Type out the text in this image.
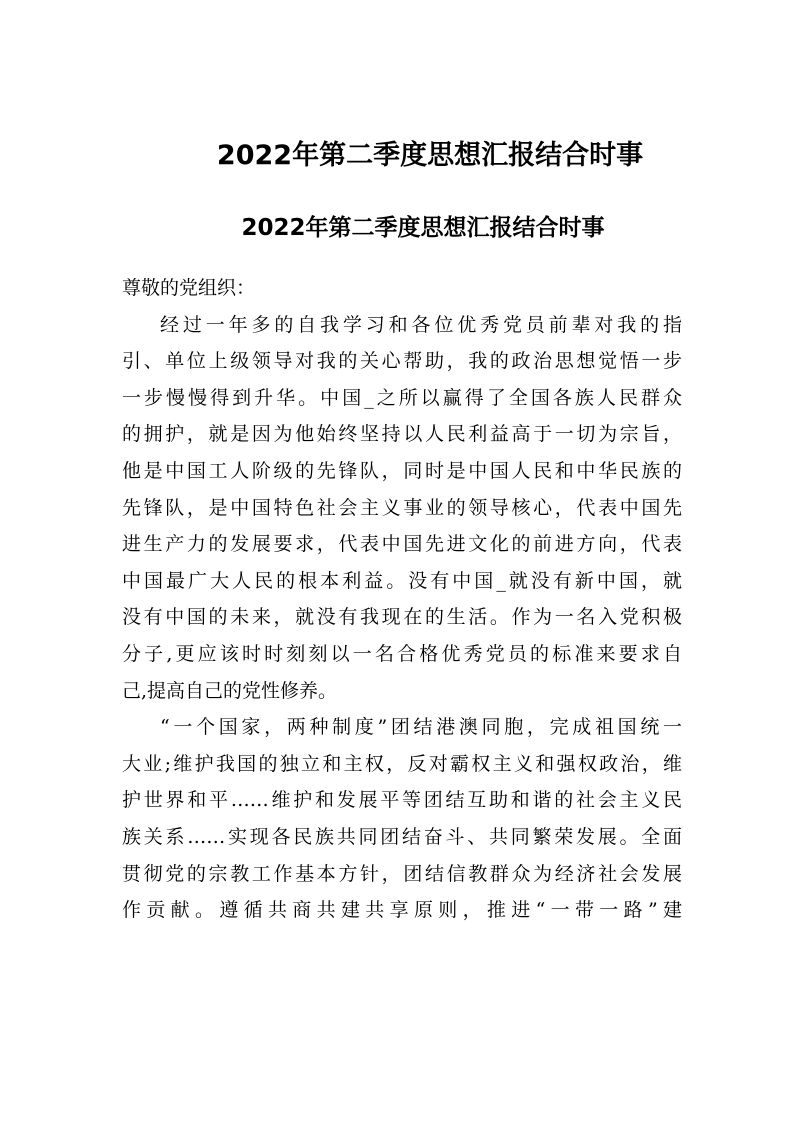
2022年第二季度思想汇报结合时事
2022年第二季度思想汇报结合时事
尊敬的党组织：
经过一年多的自我学习和各位优秀党员前辈对我的指
引、单位上级领导对我的关心帮助，我的政治思想觉悟一步
一步慢慢得到升华。中国_之所以赢得了全国各族人民群众
的拥护，就是因为他始终坚持以人民利益高于一切为宗旨，
他是中国工人阶级的先锋队，同时是中国人民和中华民族的
先锋队，是中国特色社会主义事业的领导核心，代表中国先
进生产力的发展要求，代表中国先进文化的前进方向，代表
中国最广大人民的根本利益。没有中国_就没有新中国，就
没有中国的未来，就没有我现在的生活。作为一名入党积极
分子,更应该时时刻刻以一名合格优秀党员的标准来要求自
己,提高自己的党性修养。
“一个国家，两种制度”团结港澳同胞，完成祖国统一
大业;维护我国的独立和主权，反对霸权主义和强权政治，维
护世界和平……维护和发展平等团结互助和谐的社会主义民
族关系……实现各民族共同团结奋斗、共同繁荣发展。全面
贯彻党的宗教工作基本方针，团结信教群众为经济社会发展
作贡献。遵循共商共建共享原则，推进“一带一路”建
